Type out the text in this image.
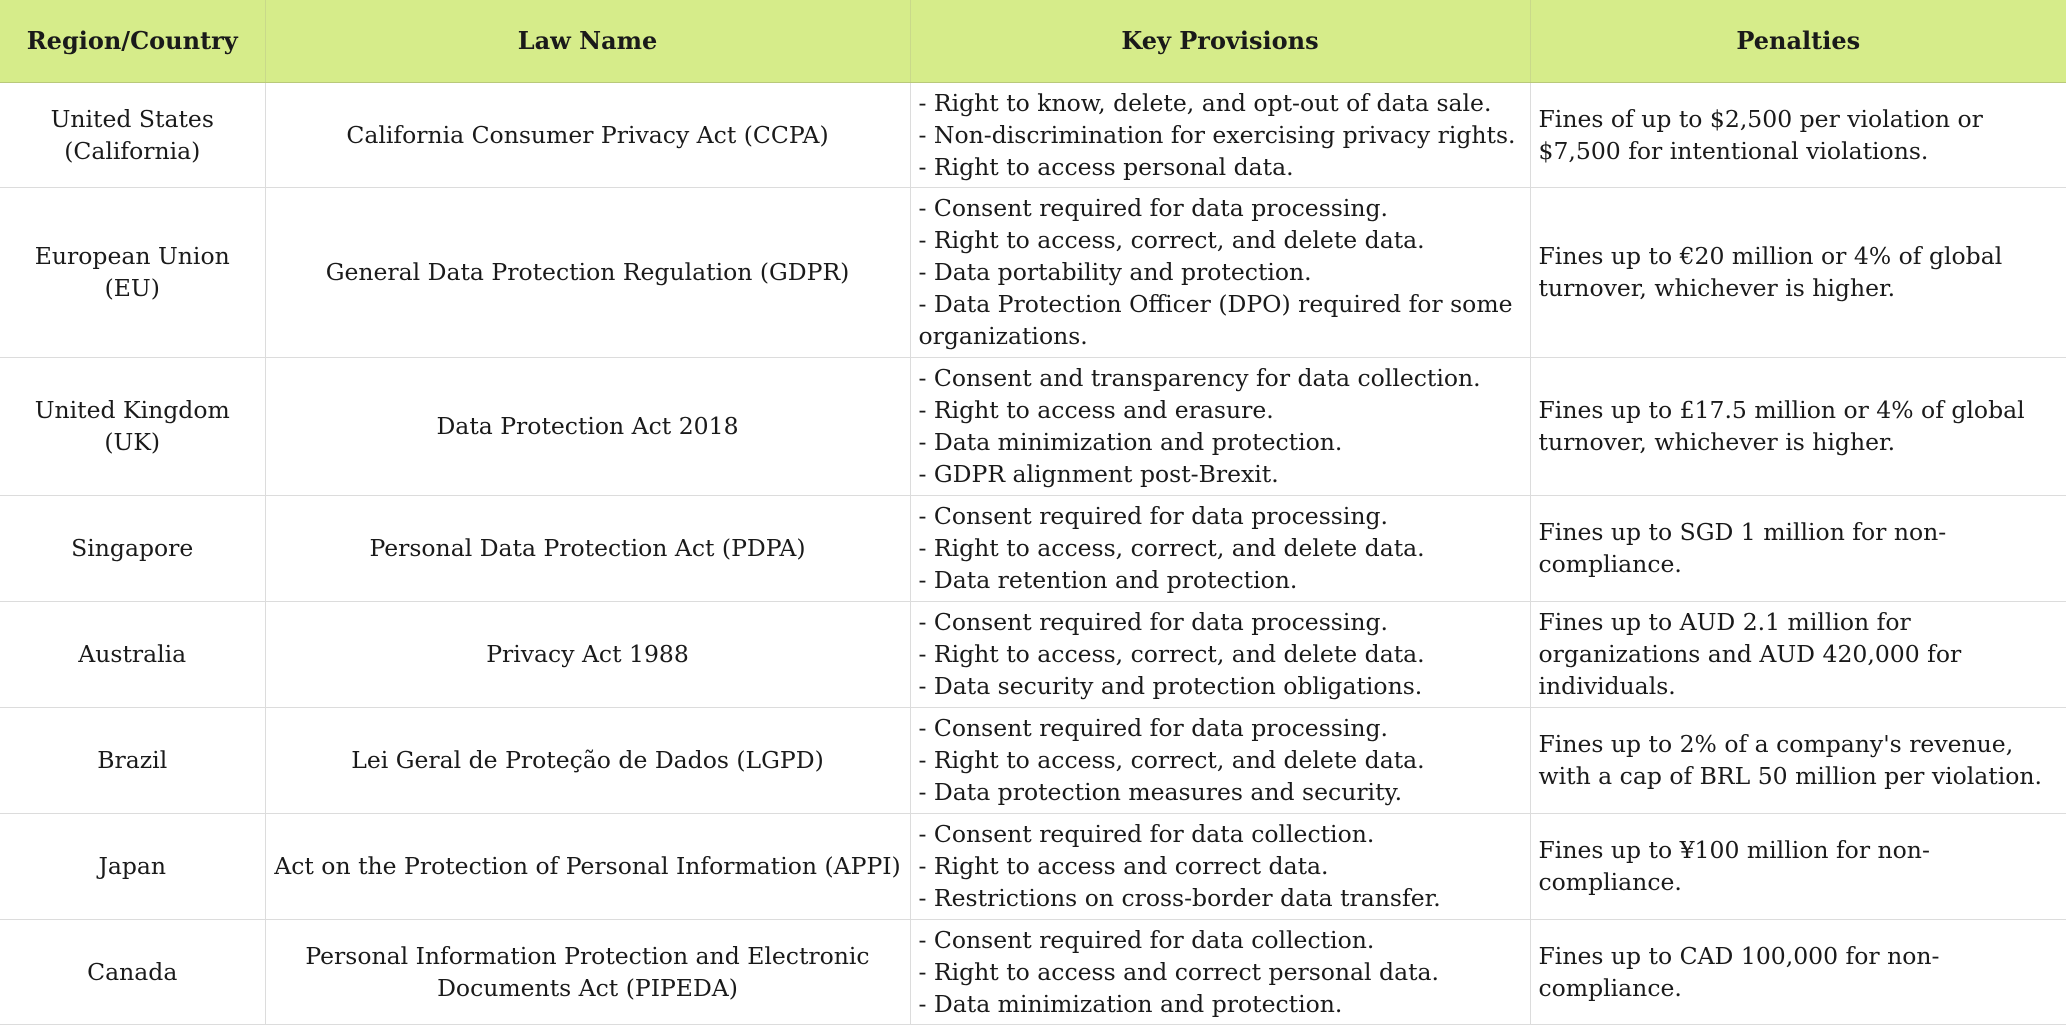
Region/Country	Law Name	Key Provisions	Penalties
United States (California)	California Consumer Privacy Act (CCPA)	- Right to know, delete, and opt-out of data sale.
- Non-discrimination for exercising privacy rights.
- Right to access personal data.	Fines of up to $2,500 per violation or $7,500 for intentional violations.
European Union (EU)	General Data Protection Regulation (GDPR)	- Consent required for data processing.
- Right to access, correct, and delete data.
- Data portability and protection.
- Data Protection Officer (DPO) required for some organizations.	Fines up to €20 million or 4% of global turnover, whichever is higher.
United Kingdom (UK)	Data Protection Act 2018	- Consent and transparency for data collection.
- Right to access and erasure.
- Data minimization and protection.
- GDPR alignment post-Brexit.	Fines up to £17.5 million or 4% of global turnover, whichever is higher.
Singapore	Personal Data Protection Act (PDPA)	- Consent required for data processing.
- Right to access, correct, and delete data.
- Data retention and protection.	Fines up to SGD 1 million for non-compliance.
Australia	Privacy Act 1988	- Consent required for data processing.
- Right to access, correct, and delete data.
- Data security and protection obligations.	Fines up to AUD 2.1 million for organizations and AUD 420,000 for individuals.
Brazil	Lei Geral de Proteção de Dados (LGPD)	- Consent required for data processing.
- Right to access, correct, and delete data.
- Data protection measures and security.	Fines up to 2% of a company's revenue, with a cap of BRL 50 million per violation.
Japan	Act on the Protection of Personal Information (APPI)	- Consent required for data collection.
- Right to access and correct data.
- Restrictions on cross-border data transfer.	Fines up to ¥100 million for non-compliance.
Canada	Personal Information Protection and Electronic Documents Act (PIPEDA)	- Consent required for data collection.
- Right to access and correct personal data.
- Data minimization and protection.	Fines up to CAD 100,000 for non-compliance.
